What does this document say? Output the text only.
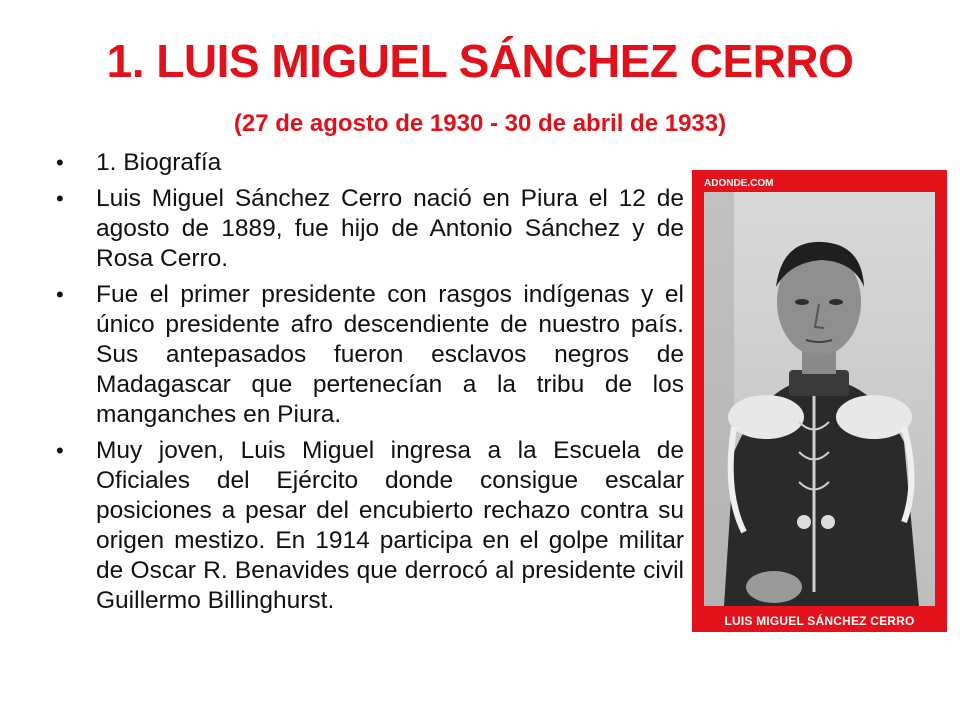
1. LUIS MIGUEL SÁNCHEZ CERRO
(27 de agosto de 1930 - 30 de abril de 1933)
• 1. Biografía
• Luis Miguel Sánchez Cerro nació en Piura el 12 de agosto de 1889, fue hijo de Antonio Sánchez y de Rosa Cerro.
• Fue el primer presidente con rasgos indígenas y el único presidente afro descendiente de nuestro país. Sus antepasados fueron esclavos negros de Madagascar que pertenecían a la tribu de los manganches en Piura.
• Muy joven, Luis Miguel ingresa a la Escuela de Oficiales del Ejército donde consigue escalar posiciones a pesar del encubierto rechazo contra su origen mestizo. En 1914 participa en el golpe militar de Oscar R. Benavides que derrocó al presidente civil Guillermo Billinghurst.
ADONDE.COM
LUIS MIGUEL SÁNCHEZ CERRO
